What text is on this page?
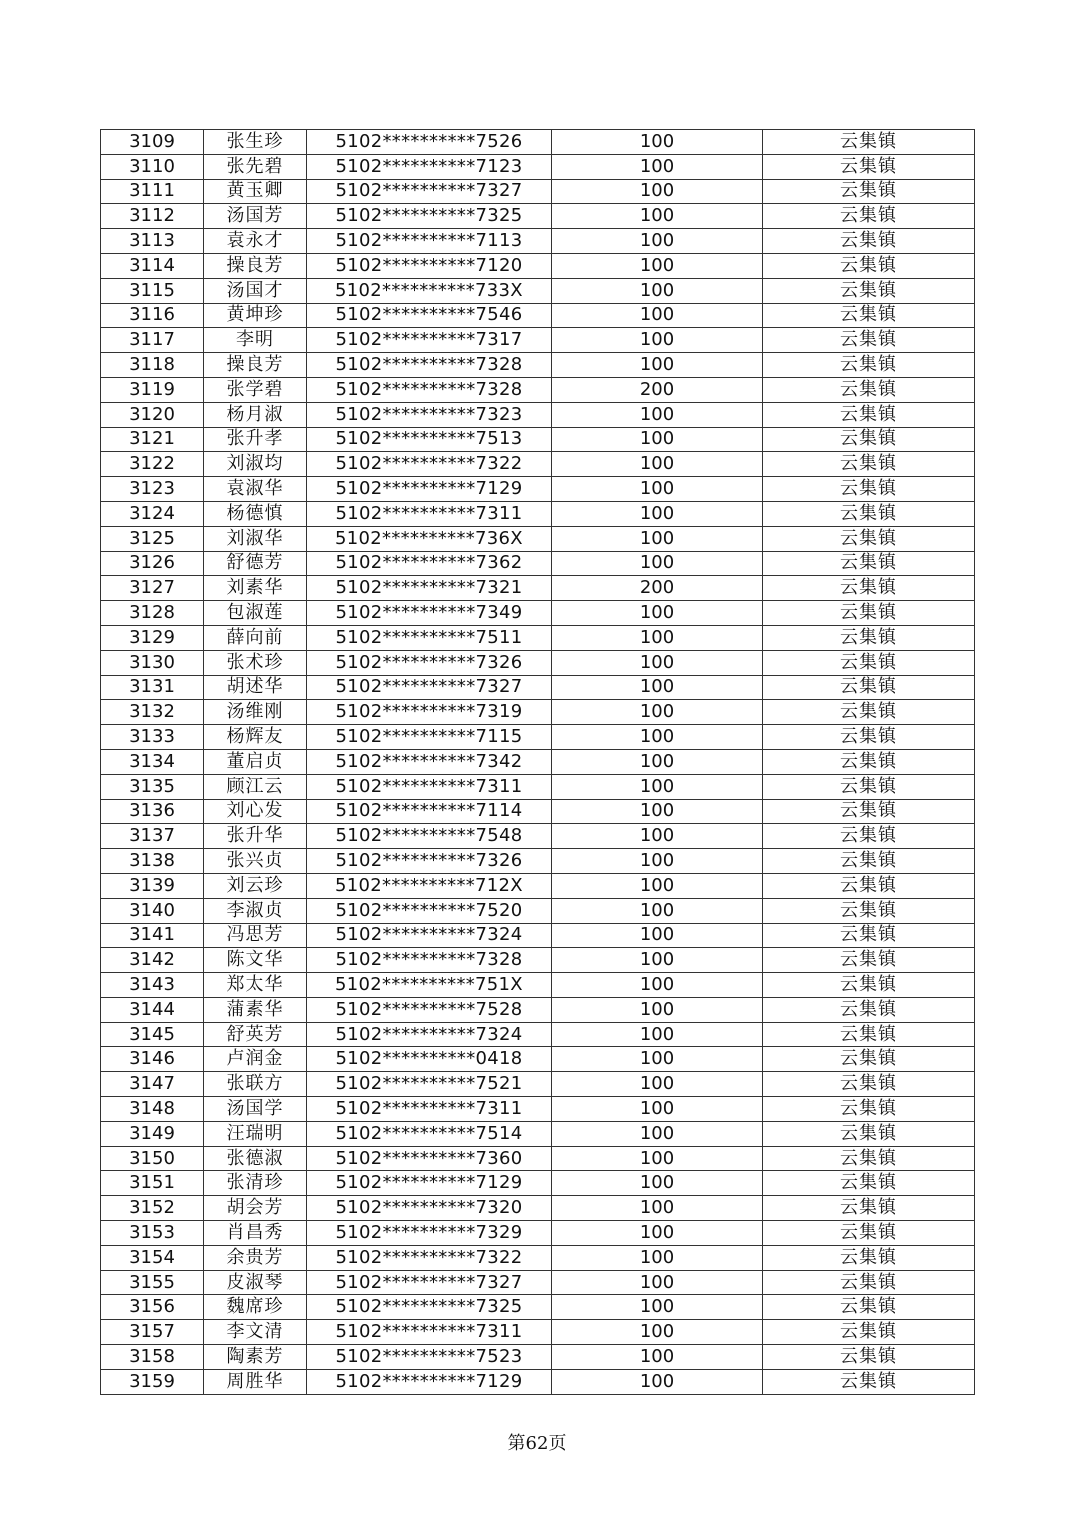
3109	张生珍	5102**********7526	100	云集镇
3110	张先碧	5102**********7123	100	云集镇
3111	黄玉卿	5102**********7327	100	云集镇
3112	汤国芳	5102**********7325	100	云集镇
3113	袁永才	5102**********7113	100	云集镇
3114	操良芳	5102**********7120	100	云集镇
3115	汤国才	5102**********733X	100	云集镇
3116	黄坤珍	5102**********7546	100	云集镇
3117	李明	5102**********7317	100	云集镇
3118	操良芳	5102**********7328	100	云集镇
3119	张学碧	5102**********7328	200	云集镇
3120	杨月淑	5102**********7323	100	云集镇
3121	张升孝	5102**********7513	100	云集镇
3122	刘淑均	5102**********7322	100	云集镇
3123	袁淑华	5102**********7129	100	云集镇
3124	杨德慎	5102**********7311	100	云集镇
3125	刘淑华	5102**********736X	100	云集镇
3126	舒德芳	5102**********7362	100	云集镇
3127	刘素华	5102**********7321	200	云集镇
3128	包淑莲	5102**********7349	100	云集镇
3129	薛向前	5102**********7511	100	云集镇
3130	张术珍	5102**********7326	100	云集镇
3131	胡述华	5102**********7327	100	云集镇
3132	汤维刚	5102**********7319	100	云集镇
3133	杨辉友	5102**********7115	100	云集镇
3134	董启贞	5102**********7342	100	云集镇
3135	顾江云	5102**********7311	100	云集镇
3136	刘心发	5102**********7114	100	云集镇
3137	张升华	5102**********7548	100	云集镇
3138	张兴贞	5102**********7326	100	云集镇
3139	刘云珍	5102**********712X	100	云集镇
3140	李淑贞	5102**********7520	100	云集镇
3141	冯思芳	5102**********7324	100	云集镇
3142	陈文华	5102**********7328	100	云集镇
3143	郑太华	5102**********751X	100	云集镇
3144	蒲素华	5102**********7528	100	云集镇
3145	舒英芳	5102**********7324	100	云集镇
3146	卢润金	5102**********0418	100	云集镇
3147	张联方	5102**********7521	100	云集镇
3148	汤国学	5102**********7311	100	云集镇
3149	汪瑞明	5102**********7514	100	云集镇
3150	张德淑	5102**********7360	100	云集镇
3151	张清珍	5102**********7129	100	云集镇
3152	胡会芳	5102**********7320	100	云集镇
3153	肖昌秀	5102**********7329	100	云集镇
3154	余贵芳	5102**********7322	100	云集镇
3155	皮淑琴	5102**********7327	100	云集镇
3156	魏席珍	5102**********7325	100	云集镇
3157	李文清	5102**********7311	100	云集镇
3158	陶素芳	5102**********7523	100	云集镇
3159	周胜华	5102**********7129	100	云集镇
第62页
